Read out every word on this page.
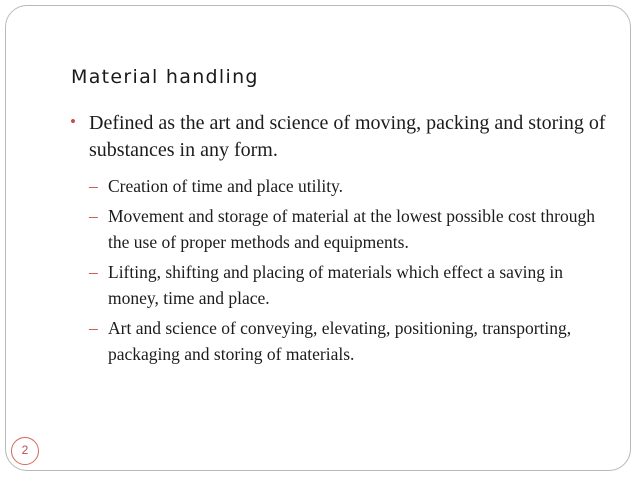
Material handling
• Defined as the art and science of moving, packing and storing of substances in any form.
– Creation of time and place utility.
– Movement and storage of material at the lowest possible cost through the use of proper methods and equipments.
– Lifting, shifting and placing of materials which effect a saving in money, time and place.
– Art and science of conveying, elevating, positioning, transporting, packaging and storing of materials.
2
